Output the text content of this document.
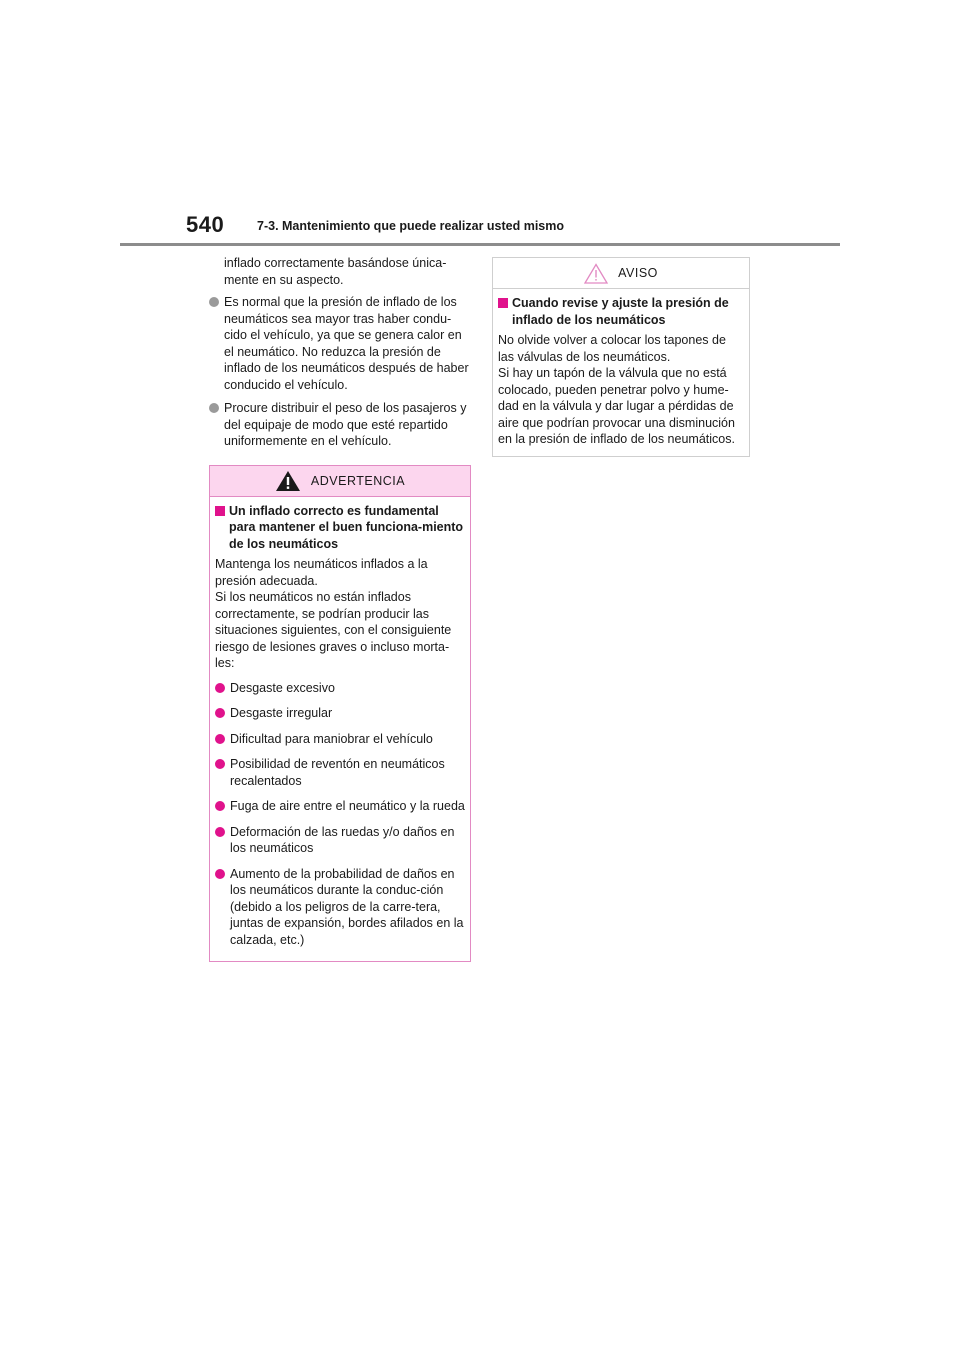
540	7-3. Mantenimiento que puede realizar usted mismo

inflado correctamente basándose única-
mente en su aspecto.

Es normal que la presión de inflado de los neumáticos sea mayor tras haber condu-cido el vehículo, ya que se genera calor en el neumático. No reduzca la presión de inflado de los neumáticos después de haber conducido el vehículo.
Procure distribuir el peso de los pasajeros y del equipaje de modo que esté repartido uniformemente en el vehículo.
ADVERTENCIA
Un inflado correcto es fundamental para mantener el buen funciona-miento de los neumáticos

Mantenga los neumáticos inflados a la presión adecuada.
Si los neumáticos no están inflados correctamente, se podrían producir las situaciones siguientes, con el consiguiente riesgo de lesiones graves o incluso morta-les:

Desgaste excesivo
Desgaste irregular
Dificultad para maniobrar el vehículo
Posibilidad de reventón en neumáticos recalentados
Fuga de aire entre el neumático y la rueda
Deformación de las ruedas y/o daños en los neumáticos
Aumento de la probabilidad de daños en los neumáticos durante la conduc-ción (debido a los peligros de la carre-tera, juntas de expansión, bordes afilados en la calzada, etc.)
AVISO
Cuando revise y ajuste la presión de inflado de los neumáticos

No olvide volver a colocar los tapones de las válvulas de los neumáticos.
Si hay un tapón de la válvula que no está colocado, pueden penetrar polvo y hume-dad en la válvula y dar lugar a pérdidas de aire que podrían provocar una disminución en la presión de inflado de los neumáticos.
